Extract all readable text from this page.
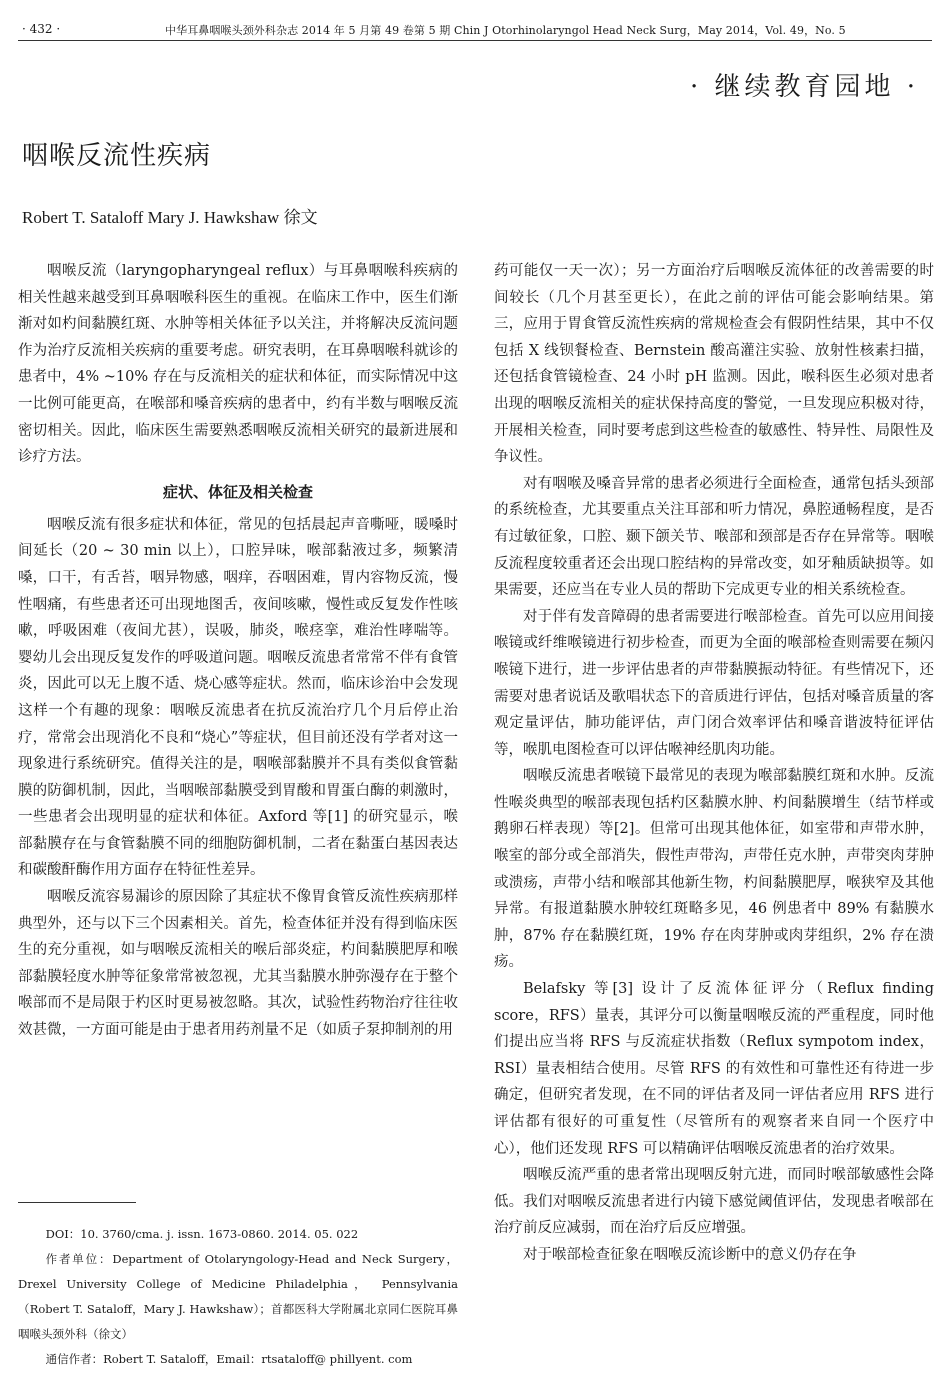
· 432 ·	中华耳鼻咽喉头颈外科杂志 2014 年 5 月第 49 卷第 5 期 Chin J Otorhinolaryngol Head Neck Surg，May 2014，Vol. 49，No. 5
· 继续教育园地 ·
咽喉反流性疾病
Robert T. Sataloff Mary J. Hawkshaw 徐文

咽喉反流（laryngopharyngeal reflux）与耳鼻咽喉科疾病的相关性越来越受到耳鼻咽喉科医生的重视。在临床工作中，医生们渐渐对如杓间黏膜红斑、水肿等相关体征予以关注，并将解决反流问题作为治疗反流相关疾病的重要考虑。研究表明，在耳鼻咽喉科就诊的患者中，4% ~10% 存在与反流相关的症状和体征，而实际情况中这一比例可能更高，在喉部和嗓音疾病的患者中，约有半数与咽喉反流密切相关。因此，临床医生需要熟悉咽喉反流相关研究的最新进展和诊疗方法。

症状、体征及相关检查

咽喉反流有很多症状和体征，常见的包括晨起声音嘶哑，暖嗓时间延长（20 ~ 30 min 以上），口腔异味，喉部黏液过多，频繁清嗓，口干，有舌苔，咽异物感，咽痒，吞咽困难，胃内容物反流，慢性咽痛，有些患者还可出现地图舌，夜间咳嗽，慢性或反复发作性咳嗽，呼吸困难（夜间尤甚），误吸，肺炎，喉痉挛，难治性哮喘等。婴幼儿会出现反复发作的呼吸道问题。咽喉反流患者常常不伴有食管炎，因此可以无上腹不适、烧心感等症状。然而，临床诊治中会发现这样一个有趣的现象：咽喉反流患者在抗反流治疗几个月后停止治疗，常常会出现消化不良和“烧心”等症状，但目前还没有学者对这一现象进行系统研究。值得关注的是，咽喉部黏膜并不具有类似食管黏膜的防御机制，因此，当咽喉部黏膜受到胃酸和胃蛋白酶的刺激时，一些患者会出现明显的症状和体征。Axford 等[1] 的研究显示，喉部黏膜存在与食管黏膜不同的细胞防御机制，二者在黏蛋白基因表达和碳酸酐酶作用方面存在特征性差异。

咽喉反流容易漏诊的原因除了其症状不像胃食管反流性疾病那样典型外，还与以下三个因素相关。首先，检查体征并没有得到临床医生的充分重视，如与咽喉反流相关的喉后部炎症，杓间黏膜肥厚和喉部黏膜轻度水肿等征象常常被忽视，尤其当黏膜水肿弥漫存在于整个喉部而不是局限于杓区时更易被忽略。其次，试验性药物治疗往往收效甚微，一方面可能是由于患者用药剂量不足（如质子泵抑制剂的用

药可能仅一天一次）；另一方面治疗后咽喉反流体征的改善需要的时间较长（几个月甚至更长），在此之前的评估可能会影响结果。第三，应用于胃食管反流性疾病的常规检查会有假阴性结果，其中不仅包括 X 线钡餐检查、Bernstein 酸高灌注实验、放射性核素扫描，还包括食管镜检查、24 小时 pH 监测。因此，喉科医生必须对患者出现的咽喉反流相关的症状保持高度的警觉，一旦发现应积极对待，开展相关检查，同时要考虑到这些检查的敏感性、特异性、局限性及争议性。

对有咽喉及嗓音异常的患者必须进行全面检查，通常包括头颈部的系统检查，尤其要重点关注耳部和听力情况，鼻腔通畅程度，是否有过敏征象，口腔、颞下颌关节、喉部和颈部是否存在异常等。咽喉反流程度较重者还会出现口腔结构的异常改变，如牙釉质缺损等。如果需要，还应当在专业人员的帮助下完成更专业的相关系统检查。

对于伴有发音障碍的患者需要进行喉部检查。首先可以应用间接喉镜或纤维喉镜进行初步检查，而更为全面的喉部检查则需要在频闪喉镜下进行，进一步评估患者的声带黏膜振动特征。有些情况下，还需要对患者说话及歌唱状态下的音质进行评估，包括对嗓音质量的客观定量评估，肺功能评估，声门闭合效率评估和嗓音谐波特征评估等，喉肌电图检查可以评估喉神经肌肉功能。

咽喉反流患者喉镜下最常见的表现为喉部黏膜红斑和水肿。反流性喉炎典型的喉部表现包括杓区黏膜水肿、杓间黏膜增生（结节样或鹅卵石样表现）等[2]。但常可出现其他体征，如室带和声带水肿，喉室的部分或全部消失，假性声带沟，声带任克水肿，声带突肉芽肿或溃疡，声带小结和喉部其他新生物，杓间黏膜肥厚，喉狭窄及其他异常。有报道黏膜水肿较红斑略多见，46 例患者中 89% 有黏膜水肿，87% 存在黏膜红斑，19% 存在肉芽肿或肉芽组织，2% 存在溃疡。

Belafsky 等[3] 设计了反流体征评分（Reflux finding score，RFS）量表，其评分可以衡量咽喉反流的严重程度，同时他们提出应当将 RFS 与反流症状指数（Reflux sympotom index，RSI）量表相结合使用。尽管 RFS 的有效性和可靠性还有待进一步确定，但研究者发现，在不同的评估者及同一评估者应用 RFS 进行评估都有很好的可重复性（尽管所有的观察者来自同一个医疗中心），他们还发现 RFS 可以精确评估咽喉反流患者的治疗效果。

咽喉反流严重的患者常出现咽反射亢进，而同时喉部敏感性会降低。我们对咽喉反流患者进行内镜下感觉阈值评估，发现患者喉部在治疗前反应减弱，而在治疗后反应增强。

对于喉部检查征象在咽喉反流诊断中的意义仍存在争

DOI：10. 3760/cma. j. issn. 1673-0860. 2014. 05. 022
作者单位：Department of Otolaryngology-Head and Neck Surgery，Drexel University College of Medicine Philadelphia， Pennsylvania（Robert T. Sataloff，Mary J. Hawkshaw）；首都医科大学附属北京同仁医院耳鼻咽喉头颈外科（徐文）
通信作者：Robert T. Sataloff，Email：rtsataloff@ phillyent. com
